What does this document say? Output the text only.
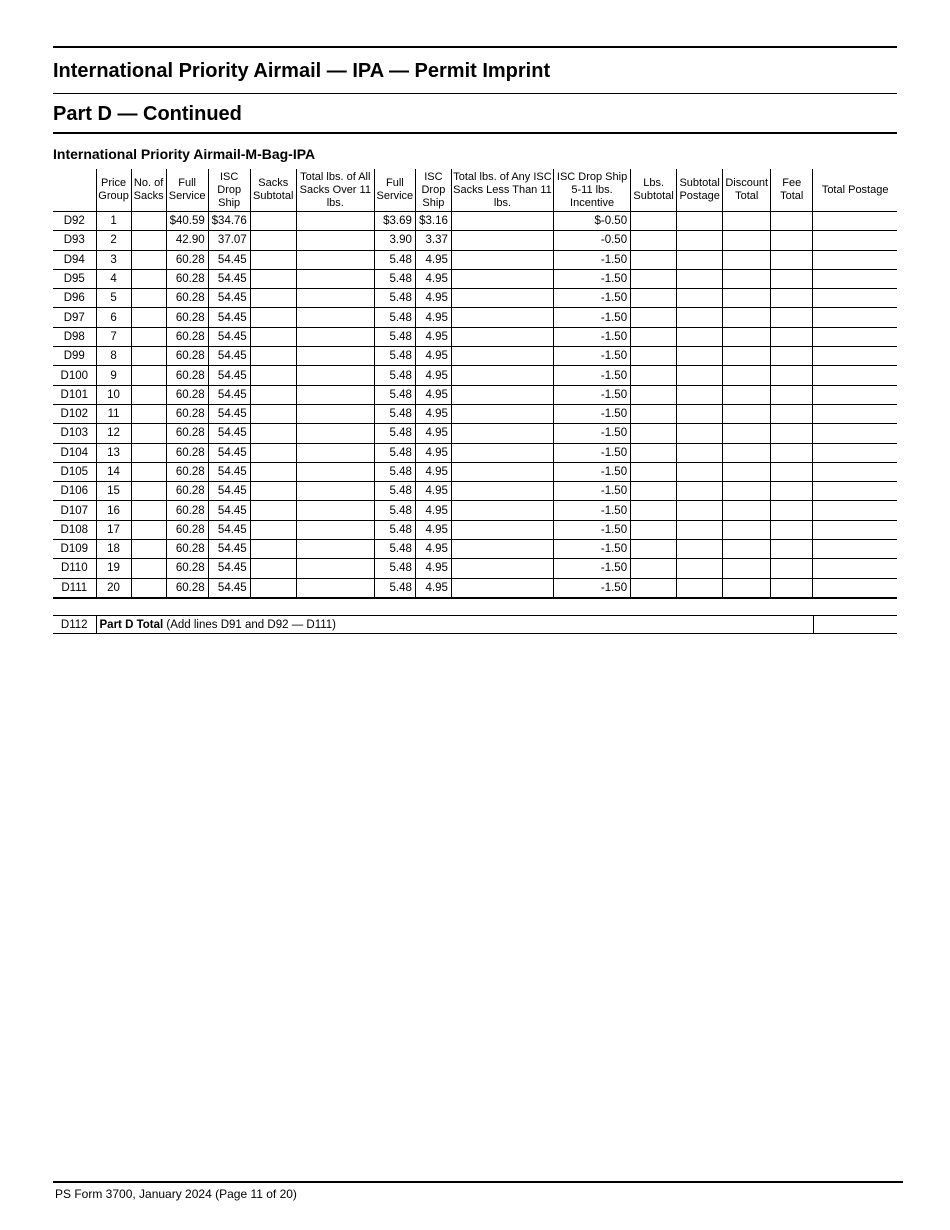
International Priority Airmail — IPA — Permit Imprint
Part D — Continued
International Priority Airmail-M-Bag-IPA
	Price Group	No. of Sacks	Full Service	ISC Drop Ship	Sacks Subtotal	Total lbs. of All Sacks Over 11 lbs.	Full Service	ISC Drop Ship	Total lbs. of Any ISC Sacks Less Than 11 lbs.	ISC Drop Ship 5-11 lbs. Incentive	Lbs. Subtotal	Subtotal Postage	Discount Total	Fee Total	Total Postage
D92	1		$40.59	$34.76			$3.69	$3.16		$-0.50					
D93	2		42.90	37.07			3.90	3.37		-0.50					
D94	3		60.28	54.45			5.48	4.95		-1.50					
D95	4		60.28	54.45			5.48	4.95		-1.50					
D96	5		60.28	54.45			5.48	4.95		-1.50					
D97	6		60.28	54.45			5.48	4.95		-1.50					
D98	7		60.28	54.45			5.48	4.95		-1.50					
D99	8		60.28	54.45			5.48	4.95		-1.50					
D100	9		60.28	54.45			5.48	4.95		-1.50					
D101	10		60.28	54.45			5.48	4.95		-1.50					
D102	11		60.28	54.45			5.48	4.95		-1.50					
D103	12		60.28	54.45			5.48	4.95		-1.50					
D104	13		60.28	54.45			5.48	4.95		-1.50					
D105	14		60.28	54.45			5.48	4.95		-1.50					
D106	15		60.28	54.45			5.48	4.95		-1.50					
D107	16		60.28	54.45			5.48	4.95		-1.50					
D108	17		60.28	54.45			5.48	4.95		-1.50					
D109	18		60.28	54.45			5.48	4.95		-1.50					
D110	19		60.28	54.45			5.48	4.95		-1.50					
D111	20		60.28	54.45			5.48	4.95		-1.50					
D112	Part D Total (Add lines D91 and D92 — D111)	
PS Form 3700, January 2024 (Page 11 of 20)
